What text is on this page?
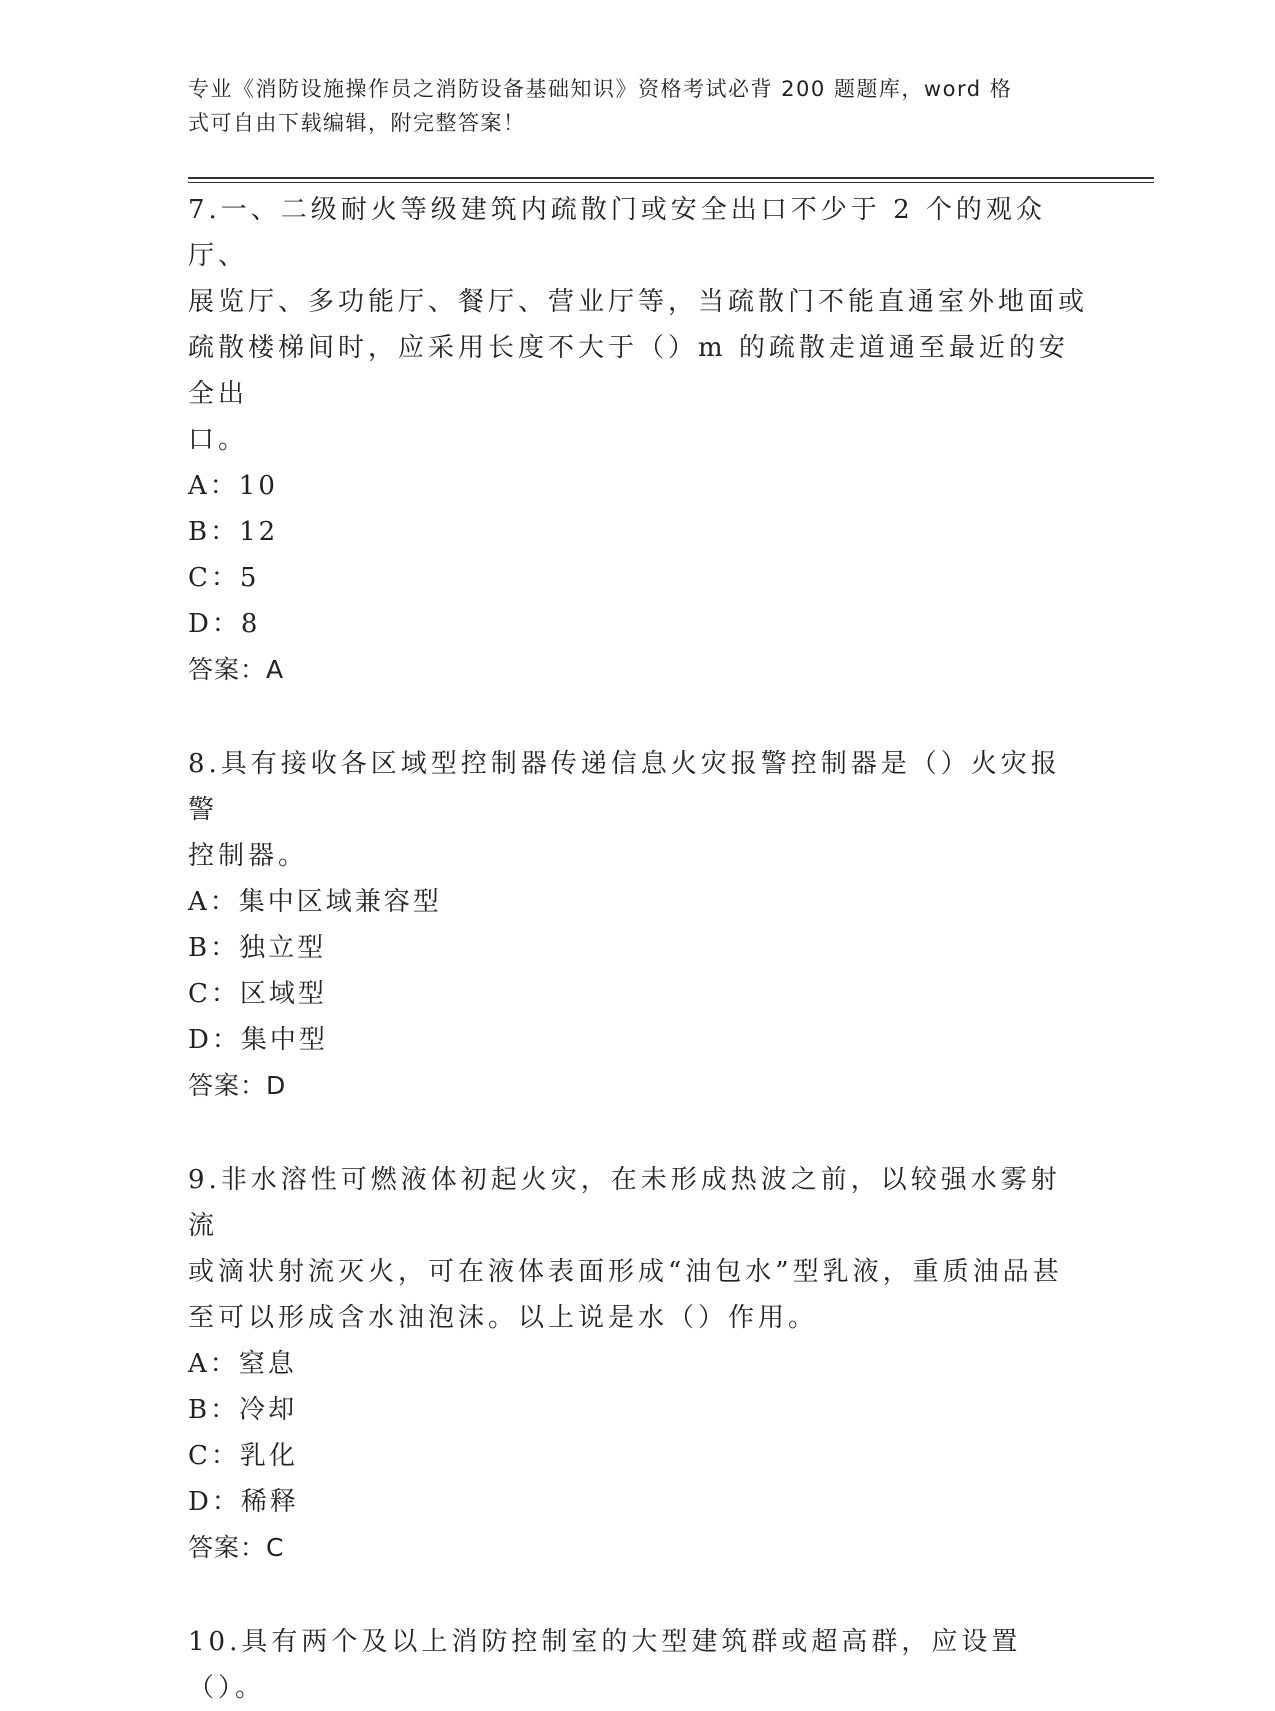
专业《消防设施操作员之消防设备基础知识》资格考试必背 200 题题库，word 格
式可自由下载编辑，附完整答案！
7.一、二级耐火等级建筑内疏散门或安全出口不少于 2 个的观众厅、
展览厅、多功能厅、餐厅、营业厅等，当疏散门不能直通室外地面或
疏散楼梯间时，应采用长度不大于（）m 的疏散走道通至最近的安全出
口。
A：10
B：12
C：5
D：8
答案：A
8.具有接收各区域型控制器传递信息火灾报警控制器是（）火灾报警
控制器。
A：集中区域兼容型
B：独立型
C：区域型
D：集中型
答案：D
9.非水溶性可燃液体初起火灾，在未形成热波之前，以较强水雾射流
或滴状射流灭火，可在液体表面形成“油包水”型乳液，重质油品甚
至可以形成含水油泡沫。以上说是水（）作用。
A：窒息
B：冷却
C：乳化
D：稀释
答案：C
10.具有两个及以上消防控制室的大型建筑群或超高群，应设置（）。
